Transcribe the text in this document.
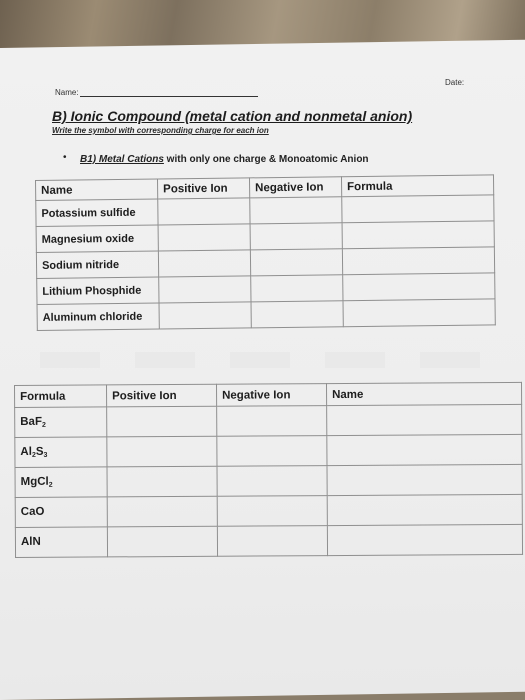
Date:
Name:
B) Ionic Compound (metal cation and nonmetal anion)
Write the symbol with corresponding charge for each ion
• B1) Metal Cations with only one charge & Monoatomic Anion
Name	Positive Ion	Negative Ion	Formula
Potassium sulfide			
Magnesium oxide			
Sodium nitride			
Lithium Phosphide			
Aluminum chloride			
Formula	Positive Ion	Negative Ion	Name
BaF$_2$			
$Al_2S_3$			
MgCl$_2$			
CaO			
AlN			
